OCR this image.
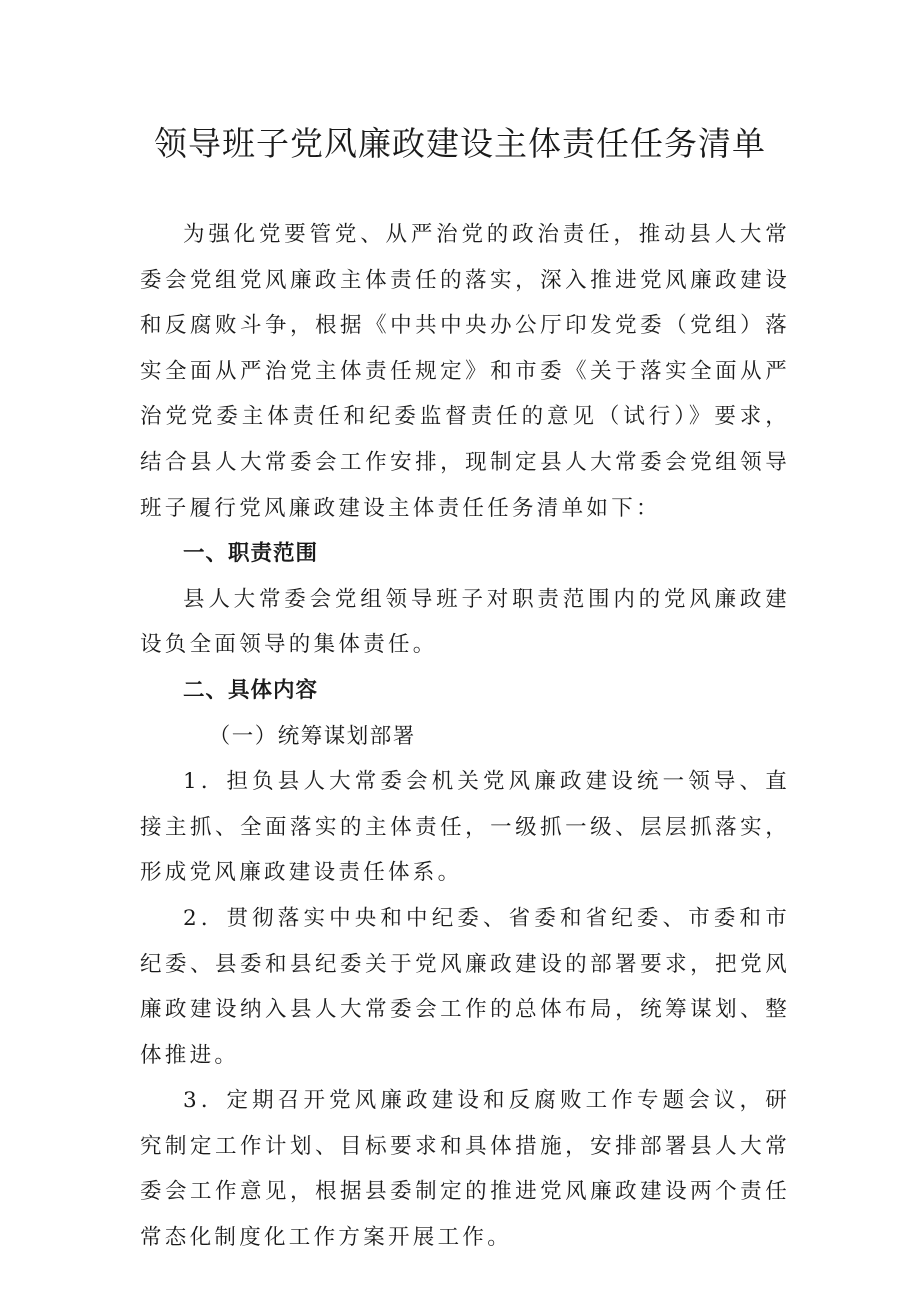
领导班子党风廉政建设主体责任任务清单

为强化党要管党、从严治党的政治责任，推动县人大常委会党组党风廉政主体责任的落实，深入推进党风廉政建设和反腐败斗争，根据《中共中央办公厅印发党委（党组）落实全面从严治党主体责任规定》和市委《关于落实全面从严治党党委主体责任和纪委监督责任的意见（试行）》要求，结合县人大常委会工作安排，现制定县人大常委会党组领导班子履行党风廉政建设主体责任任务清单如下：

一、职责范围

县人大常委会党组领导班子对职责范围内的党风廉政建设负全面领导的集体责任。

二、具体内容

（一）统筹谋划部署

1．担负县人大常委会机关党风廉政建设统一领导、直接主抓、全面落实的主体责任，一级抓一级、层层抓落实，形成党风廉政建设责任体系。

2．贯彻落实中央和中纪委、省委和省纪委、市委和市纪委、县委和县纪委关于党风廉政建设的部署要求，把党风廉政建设纳入县人大常委会工作的总体布局，统筹谋划、整体推进。

3．定期召开党风廉政建设和反腐败工作专题会议，研究制定工作计划、目标要求和具体措施，安排部署县人大常委会工作意见，根据县委制定的推进党风廉政建设两个责任常态化制度化工作方案开展工作。
